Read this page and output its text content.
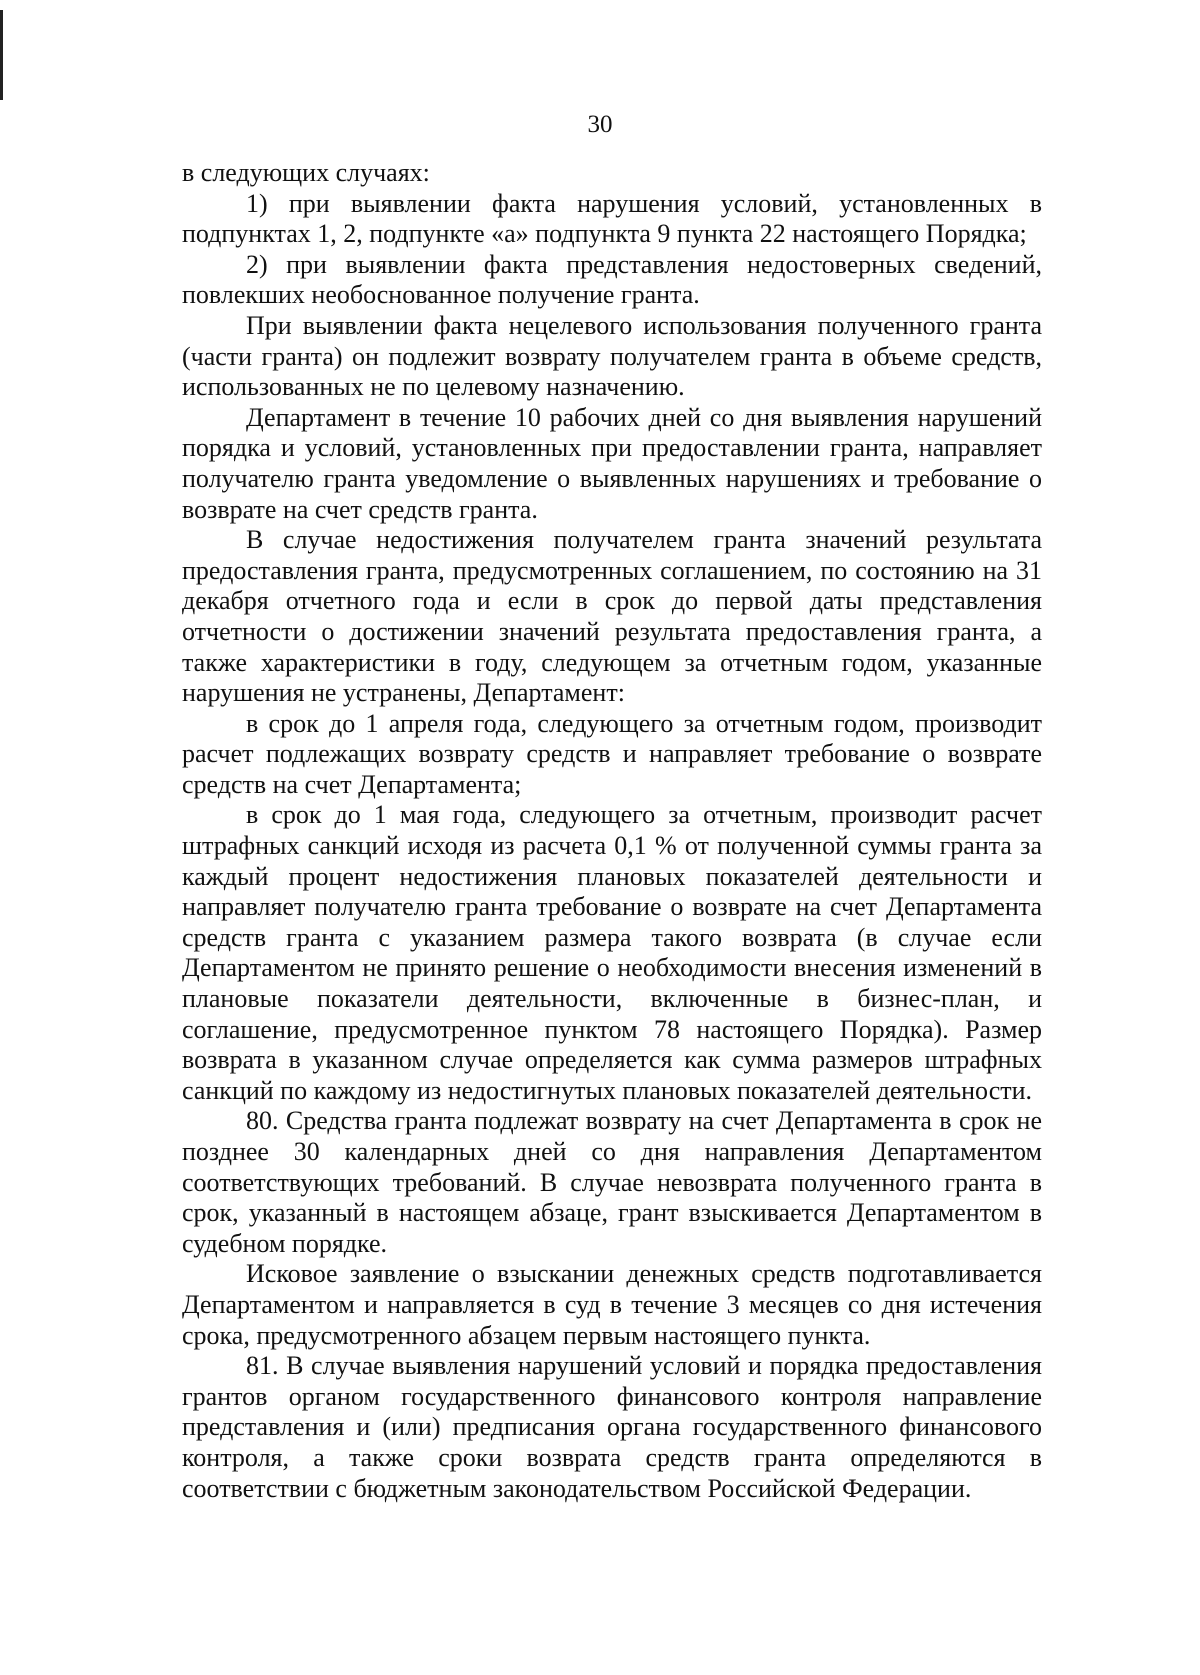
30

в следующих случаях:

1) при выявлении факта нарушения условий, установленных в подпунктах 1, 2, подпункте «а» подпункта 9 пункта 22 настоящего Порядка;

2) при выявлении факта представления недостоверных сведений, повлекших необоснованное получение гранта.

При выявлении факта нецелевого использования полученного гранта (части гранта) он подлежит возврату получателем гранта в объеме средств, использованных не по целевому назначению.

Департамент в течение 10 рабочих дней со дня выявления нарушений порядка и условий, установленных при предоставлении гранта, направляет получателю гранта уведомление о выявленных нарушениях и требование о возврате на счет средств гранта.

В случае недостижения получателем гранта значений результата предоставления гранта, предусмотренных соглашением, по состоянию на 31 декабря отчетного года и если в срок до первой даты представления отчетности о достижении значений результата предоставления гранта, а также характеристики в году, следующем за отчетным годом, указанные нарушения не устранены, Департамент:

в срок до 1 апреля года, следующего за отчетным годом, производит расчет подлежащих возврату средств и направляет требование о возврате средств на счет Департамента;

в срок до 1 мая года, следующего за отчетным, производит расчет штрафных санкций исходя из расчета 0,1 % от полученной суммы гранта за каждый процент недостижения плановых показателей деятельности и направляет получателю гранта требование о возврате на счет Департамента средств гранта с указанием размера такого возврата (в случае если Департаментом не принято решение о необходимости внесения изменений в плановые показатели деятельности, включенные в бизнес-план, и соглашение, предусмотренное пунктом 78 настоящего Порядка). Размер возврата в указанном случае определяется как сумма размеров штрафных санкций по каждому из недостигнутых плановых показателей деятельности.

80. Средства гранта подлежат возврату на счет Департамента в срок не позднее 30 календарных дней со дня направления Департаментом соответствующих требований. В случае невозврата полученного гранта в срок, указанный в настоящем абзаце, грант взыскивается Департаментом в судебном порядке.

Исковое заявление о взыскании денежных средств подготавливается Департаментом и направляется в суд в течение 3 месяцев со дня истечения срока, предусмотренного абзацем первым настоящего пункта.

81. В случае выявления нарушений условий и порядка предоставления грантов органом государственного финансового контроля направление представления и (или) предписания органа государственного финансового контроля, а также сроки возврата средств гранта определяются в соответствии с бюджетным законодательством Российской Федерации.
